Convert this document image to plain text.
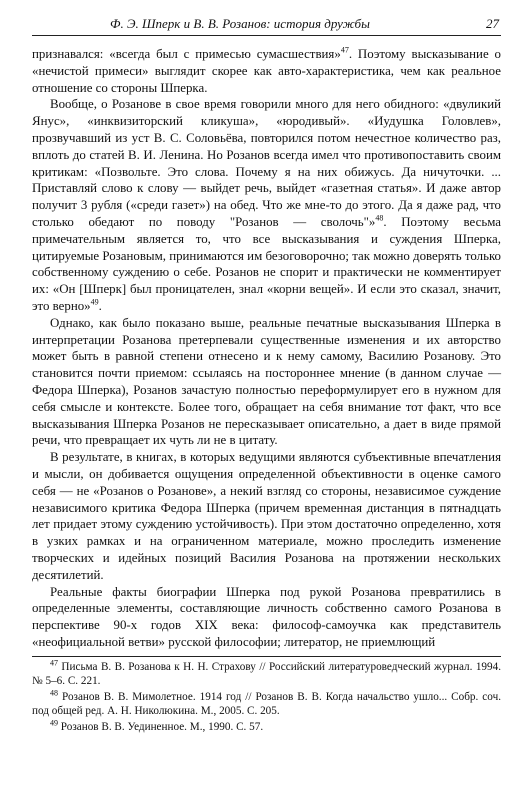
Ф. Э. Шперк и В. В. Розанов: история дружбы	27

признавался: «всегда был с примесью сумасшествия»$^{47}$. Поэтому высказывание о «нечистой примеси» выглядит скорее как авто-характеристика, чем как реальное отношение со стороны Шперка.

Вообще, о Розанове в свое время говорили много для него обидного: «двуликий Янус», «инквизиторский кликуша», «юродивый». «Иудушка Головлев», прозвучавший из уст В. С. Соловьёва, повторился потом нечестное количество раз, вплоть до статей В. И. Ленина. Но Розанов всегда имел что противопоставить своим критикам: «Позвольте. Это слова. Почему я на них обижусь. Да ничуточки. ... Приставляй слово к слову — выйдет речь, выйдет «газетная статья». И даже автор получит 3 рубля («среди газет») на обед. Что же мне-то до этого. Да я даже рад, что столько обедают по поводу "Розанов — сволочь"»$^{48}$. Поэтому весьма примечательным является то, что все высказывания и суждения Шперка, цитируемые Розановым, принимаются им безоговорочно; так можно доверять только собственному суждению о себе. Розанов не спорит и практически не комментирует их: «Он [Шперк] был проницателен, знал «корни вещей». И если это сказал, значит, это верно»$^{49}$.

Однако, как было показано выше, реальные печатные высказывания Шперка в интерпретации Розанова претерпевали существенные изменения и их авторство может быть в равной степени отнесено и к нему самому, Василию Розанову. Это становится почти приемом: ссылаясь на постороннее мнение (в данном случае — Федора Шперка), Розанов зачастую полностью переформулирует его в нужном для себя смысле и контексте. Более того, обращает на себя внимание тот факт, что все высказывания Шперка Розанов не пересказывает описательно, а дает в виде прямой речи, что превращает их чуть ли не в цитату.

В результате, в книгах, в которых ведущими являются субъективные впечатления и мысли, он добивается ощущения определенной объективности в оценке самого себя — не «Розанов о Розанове», а некий взгляд со стороны, независимое суждение независимого критика Федора Шперка (причем временная дистанция в пятнадцать лет придает этому суждению устойчивость). При этом достаточно определенно, хотя в узких рамках и на ограниченном материале, можно проследить изменение творческих и идейных позиций Василия Розанова на протяжении нескольких десятилетий.

Реальные факты биографии Шперка под рукой Розанова превратились в определенные элементы, составляющие личность собственно самого Розанова в перспективе 90-х годов XIX века: философ-самоучка как представитель «неофициальной ветви» русской философии; литератор, не приемлющий

$^{47}$ Письма В. В. Розанова к Н. Н. Страхову // Российский литературоведческий журнал. 1994. № 5–6. С. 221.

$^{48}$ Розанов В. В. Мимолетное. 1914 год // Розанов В. В. Когда начальство ушло... Собр. соч. под общей ред. А. Н. Николюкина. М., 2005. С. 205.

$^{49}$ Розанов В. В. Уединенное. М., 1990. С. 57.
